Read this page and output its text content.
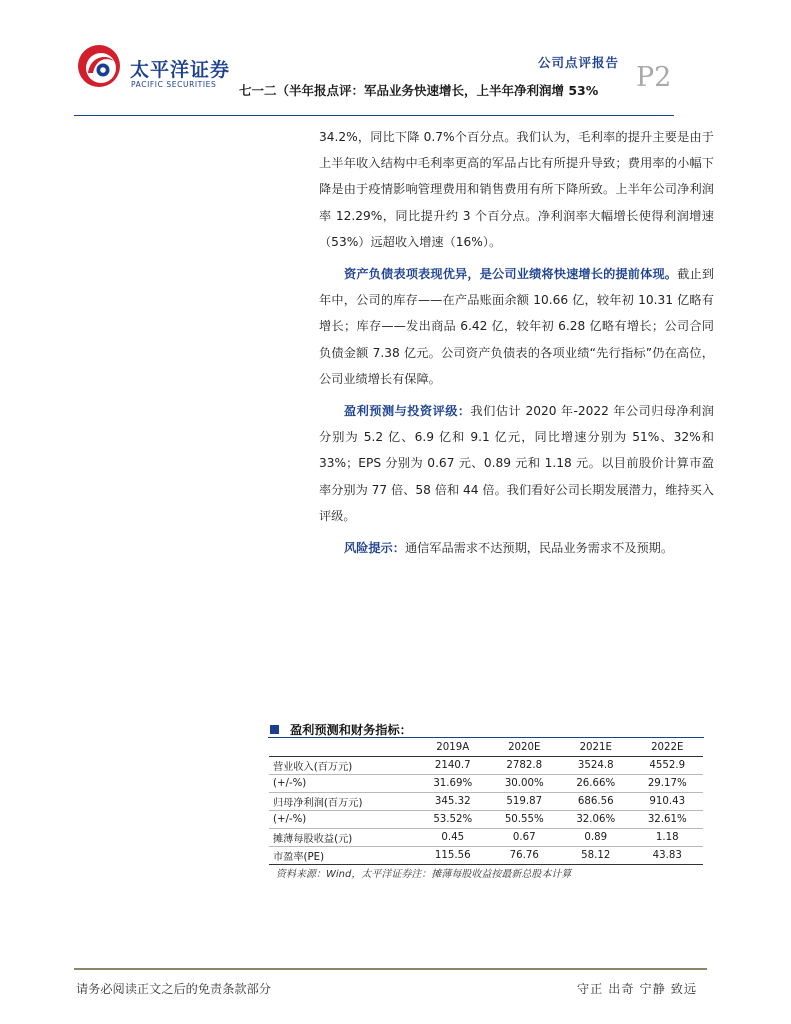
太平洋证券
PACIFIC SECURITIES
公司点评报告 P2
七一二（半年报点评：军品业务快速增长，上半年净利润增 53%

34.2%，同比下降 0.7%个百分点。我们认为，毛利率的提升主要是由于上半年收入结构中毛利率更高的军品占比有所提升导致；费用率的小幅下降是由于疫情影响管理费用和销售费用有所下降所致。上半年公司净利润率 12.29%，同比提升约 3 个百分点。净利润率大幅增长使得利润增速（53%）远超收入增速（16%）。

资产负债表项表现优异，是公司业绩将快速增长的提前体现。截止到年中，公司的库存——在产品账面余额 10.66 亿，较年初 10.31 亿略有增长；库存——发出商品 6.42 亿，较年初 6.28 亿略有增长；公司合同负债金额 7.38 亿元。公司资产负债表的各项业绩“先行指标”仍在高位，公司业绩增长有保障。

盈利预测与投资评级：我们估计 2020 年-2022 年公司归母净利润分别为 5.2 亿、6.9 亿和 9.1 亿元，同比增速分别为 51%、32%和 33%；EPS 分别为 0.67 元、0.89 元和 1.18 元。以目前股价计算市盈率分别为 77 倍、58 倍和 44 倍。我们看好公司长期发展潜力，维持买入评级。

风险提示：通信军品需求不达预期，民品业务需求不及预期。

盈利预测和财务指标：
	2019A	2020E	2021E	2022E
营业收入(百万元)	2140.7	2782.8	3524.8	4552.9
(+/-%)	31.69%	30.00%	26.66%	29.17%
归母净利润(百万元)	345.32	519.87	686.56	910.43
(+/-%)	53.52%	50.55%	32.06%	32.61%
摊薄每股收益(元)	0.45	0.67	0.89	1.18
市盈率(PE)	115.56	76.76	58.12	43.83
资料来源：Wind，太平洋证券注：摊薄每股收益按最新总股本计算
请务必阅读正文之后的免责条款部分	守正 出奇 宁静 致远
